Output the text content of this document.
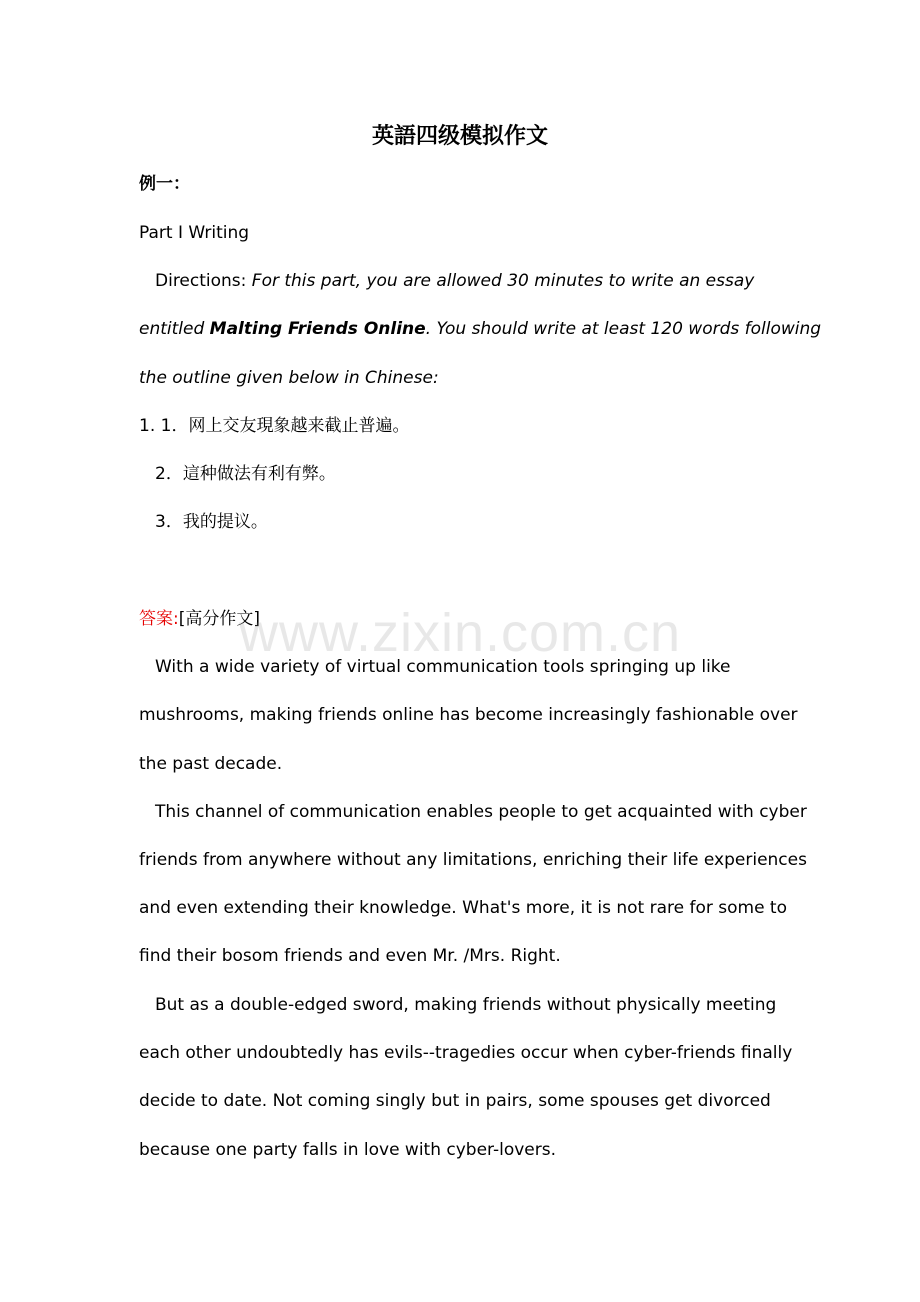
英語四级模拟作文
例一：
Part I Writing
Directions: For this part, you are allowed 30 minutes to write an essay
entitled Malting Friends Online. You should write at least 120 words following
the outline given below in Chinese:
1. 1．网上交友現象越来截止普遍。
2．這种做法有利有弊。
3．我的提议。
答案:[高分作文]
www.zixin.com.cn
With a wide variety of virtual communication tools springing up like
mushrooms, making friends online has become increasingly fashionable over
the past decade.
This channel of communication enables people to get acquainted with cyber
friends from anywhere without any limitations, enriching their life experiences
and even extending their knowledge. What's more, it is not rare for some to
find their bosom friends and even Mr. /Mrs. Right.
But as a double-edged sword, making friends without physically meeting
each other undoubtedly has evils--tragedies occur when cyber-friends finally
decide to date. Not coming singly but in pairs, some spouses get divorced
because one party falls in love with cyber-lovers.
